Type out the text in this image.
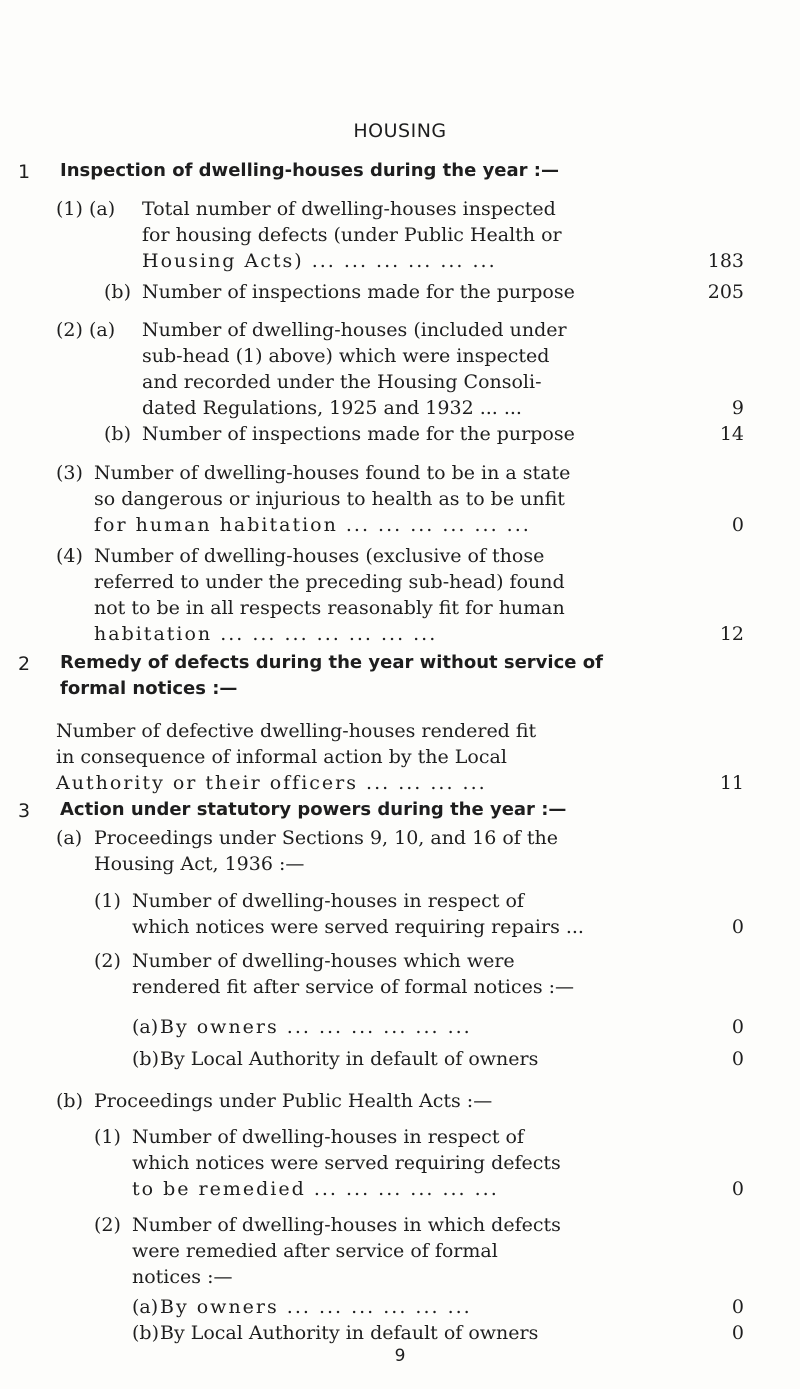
HOUSING
1 Inspection of dwelling-houses during the year :—
(1) (a) Total number of dwelling-houses inspected
for housing defects (under Public Health or
Housing Acts) ... ... ... ... ... ...	183
(b) Number of inspections made for the purpose	205
(2) (a) Number of dwelling-houses (included under
sub-head (1) above) which were inspected
and recorded under the Housing Consoli-
dated Regulations, 1925 and 1932 ... ...	9
(b) Number of inspections made for the purpose	14
(3) Number of dwelling-houses found to be in a state
so dangerous or injurious to health as to be unfit
for human habitation ... ... ... ... ... ...	0
(4) Number of dwelling-houses (exclusive of those
referred to under the preceding sub-head) found
not to be in all respects reasonably fit for human
habitation ... ... ... ... ... ... ...	12
2 Remedy of defects during the year without service of formal notices :—
Number of defective dwelling-houses rendered fit
in consequence of informal action by the Local
Authority or their officers ... ... ... ...	11
3 Action under statutory powers during the year :—
(a) Proceedings under Sections 9, 10, and 16 of the
Housing Act, 1936 :—
(1) Number of dwelling-houses in respect of
which notices were served requiring repairs ...	0
(2) Number of dwelling-houses which were
rendered fit after service of formal notices :—
(a) By owners ... ... ... ... ... ...	0
(b) By Local Authority in default of owners	0
(b) Proceedings under Public Health Acts :—
(1) Number of dwelling-houses in respect of
which notices were served requiring defects
to be remedied ... ... ... ... ... ...	0
(2) Number of dwelling-houses in which defects
were remedied after service of formal
notices :—
(a) By owners ... ... ... ... ... ...	0
(b) By Local Authority in default of owners	0
9
